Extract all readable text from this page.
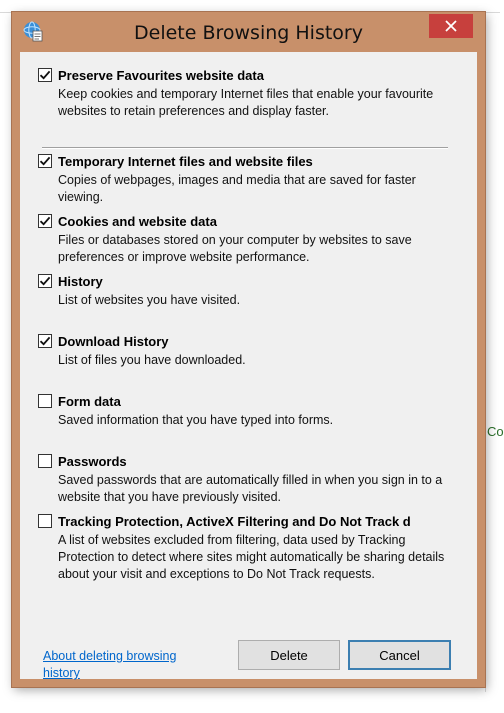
Co
Delete Browsing History
Preserve Favourites website data
Keep cookies and temporary Internet files that enable your favourite websites to retain preferences and display faster.
Temporary Internet files and website files
Copies of webpages, images and media that are saved for faster viewing.
Cookies and website data
Files or databases stored on your computer by websites to save preferences or improve website performance.
History
List of websites you have visited.
Download History
List of files you have downloaded.
Form data
Saved information that you have typed into forms.
Passwords
Saved passwords that are automatically filled in when you sign in to a website that you have previously visited.
Tracking Protection, ActiveX Filtering and Do Not Track d
A list of websites excluded from filtering, data used by Tracking Protection to detect where sites might automatically be sharing details about your visit and exceptions to Do Not Track requests.
About deleting browsing history
Delete	Cancel
